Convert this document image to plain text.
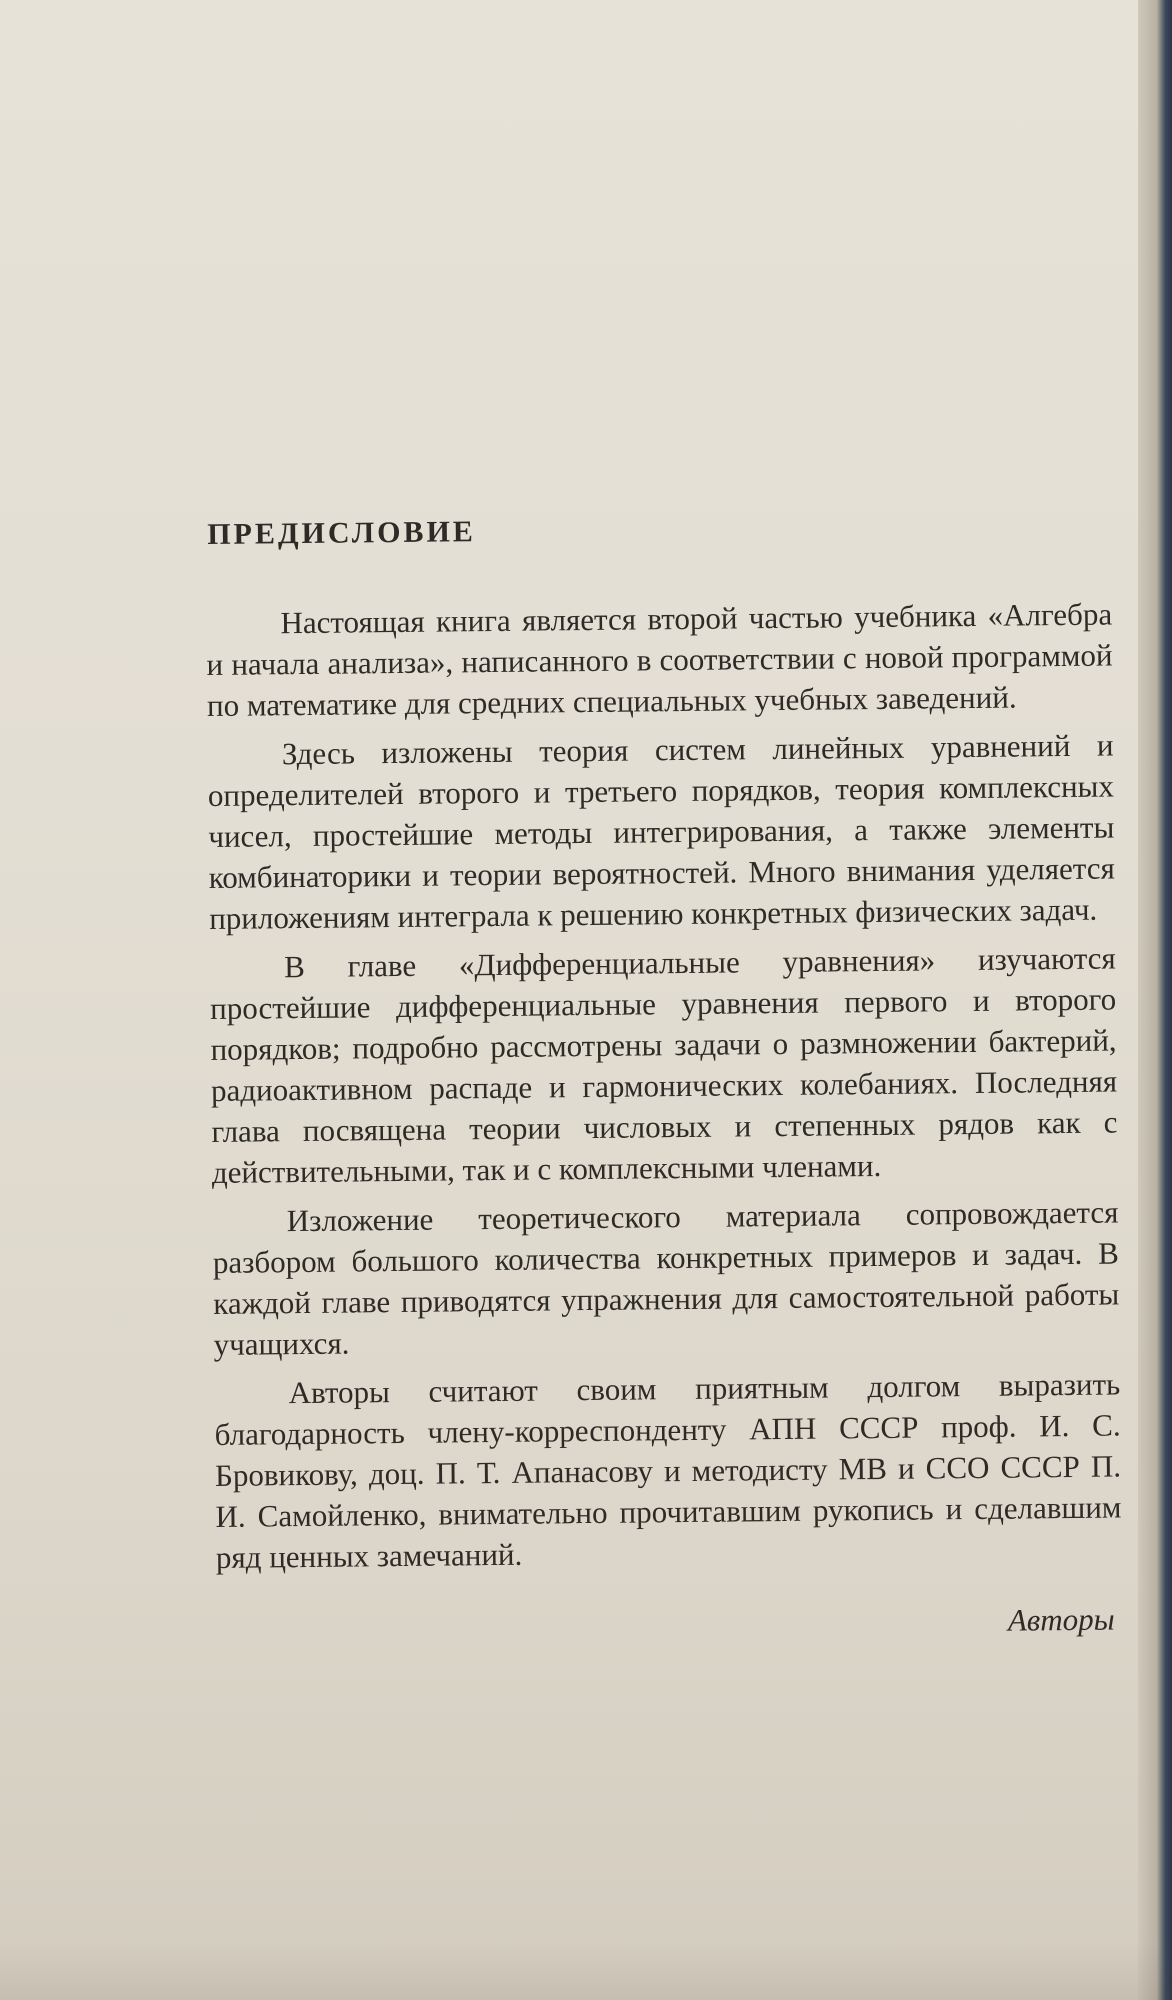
ПРЕДИСЛОВИЕ

Настоящая книга является второй частью учебника «Алгебра и начала анализа», написанного в соответствии с новой программой по математике для средних специальных учебных заведений.

Здесь изложены теория систем линейных уравнений и определителей второго и третьего порядков, теория комплексных чисел, простейшие методы интегрирования, а также элементы комбинаторики и теории вероятностей. Много внимания уделяется приложениям интеграла к решению конкретных физических задач.

В главе «Дифференциальные уравнения» изучаются простейшие дифференциальные уравнения первого и второго порядков; подробно рассмотрены задачи о размножении бактерий, радиоактивном распаде и гармонических колебаниях. Последняя глава посвящена теории числовых и степенных рядов как с действительными, так и с комплексными членами.

Изложение теоретического материала сопровождается разбором большого количества конкретных примеров и задач. В каждой главе приводятся упражнения для самостоятельной работы учащихся.

Авторы считают своим приятным долгом выразить благодарность члену-корреспонденту АПН СССР проф. И. С. Бровикову, доц. П. Т. Апанасову и методисту МВ и ССО СССР П. И. Самойленко, внимательно прочитавшим рукопись и сделавшим ряд ценных замечаний.

Авторы
